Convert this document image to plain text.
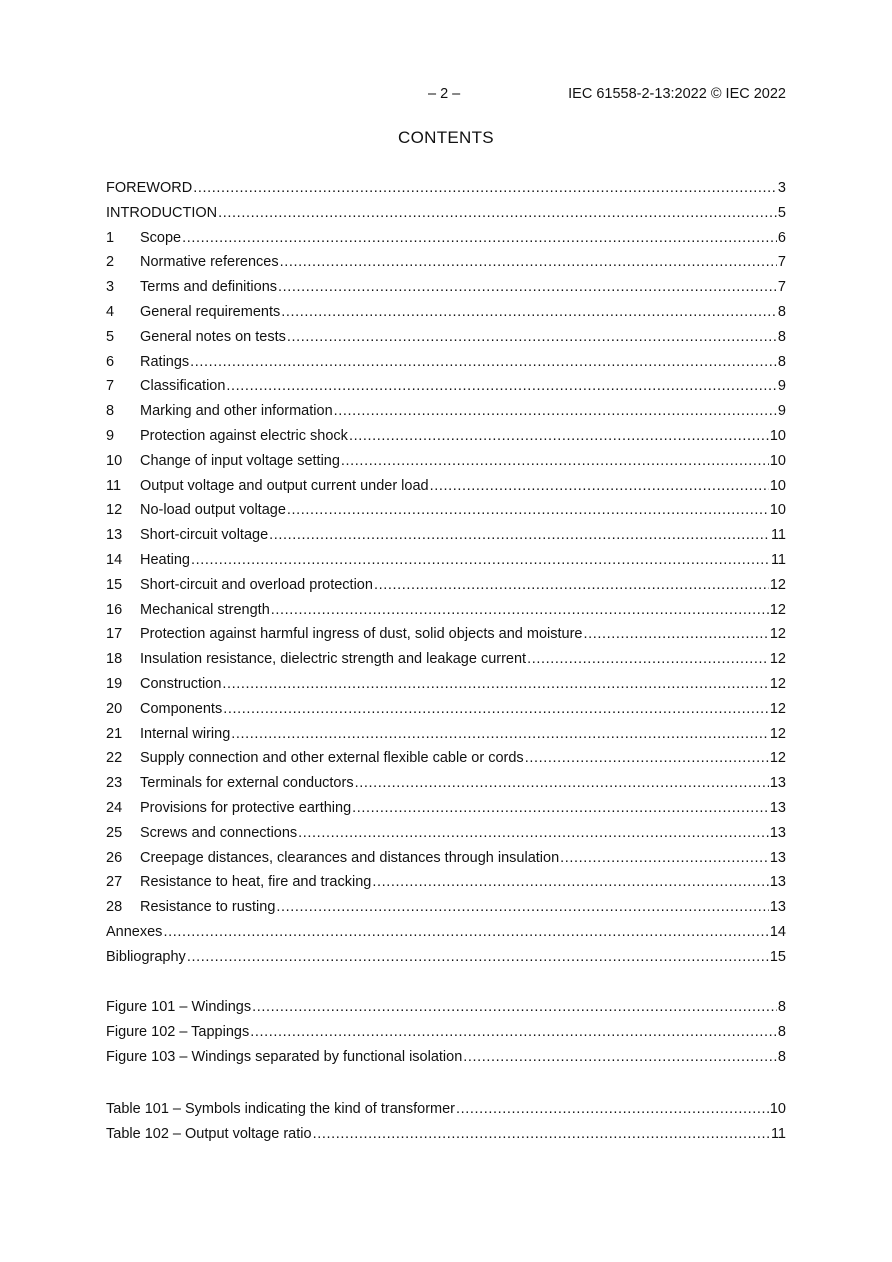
– 2 –	IEC 61558-2-13:2022 © IEC 2022
CONTENTS
FOREWORD .....	3
INTRODUCTION .....	5
1	Scope .....	6
2	Normative references .....	7
3	Terms and definitions .....	7
4	General requirements .....	8
5	General notes on tests .....	8
6	Ratings .....	8
7	Classification .....	9
8	Marking and other information .....	9
9	Protection against electric shock .....	10
10	Change of input voltage setting .....	10
11	Output voltage and output current under load .....	10
12	No-load output voltage .....	10
13	Short-circuit voltage .....	11
14	Heating .....	11
15	Short-circuit and overload protection .....	12
16	Mechanical strength .....	12
17	Protection against harmful ingress of dust, solid objects and moisture .....	12
18	Insulation resistance, dielectric strength and leakage current .....	12
19	Construction .....	12
20	Components .....	12
21	Internal wiring .....	12
22	Supply connection and other external flexible cable or cords .....	12
23	Terminals for external conductors .....	13
24	Provisions for protective earthing .....	13
25	Screws and connections .....	13
26	Creepage distances, clearances and distances through insulation .....	13
27	Resistance to heat, fire and tracking .....	13
28	Resistance to rusting .....	13
Annexes .....	14
Bibliography .....	15
Figure 101 – Windings .....	8
Figure 102 – Tappings .....	8
Figure 103 – Windings separated by functional isolation .....	8
Table 101 – Symbols indicating the kind of transformer .....	10
Table 102 – Output voltage ratio .....	11
